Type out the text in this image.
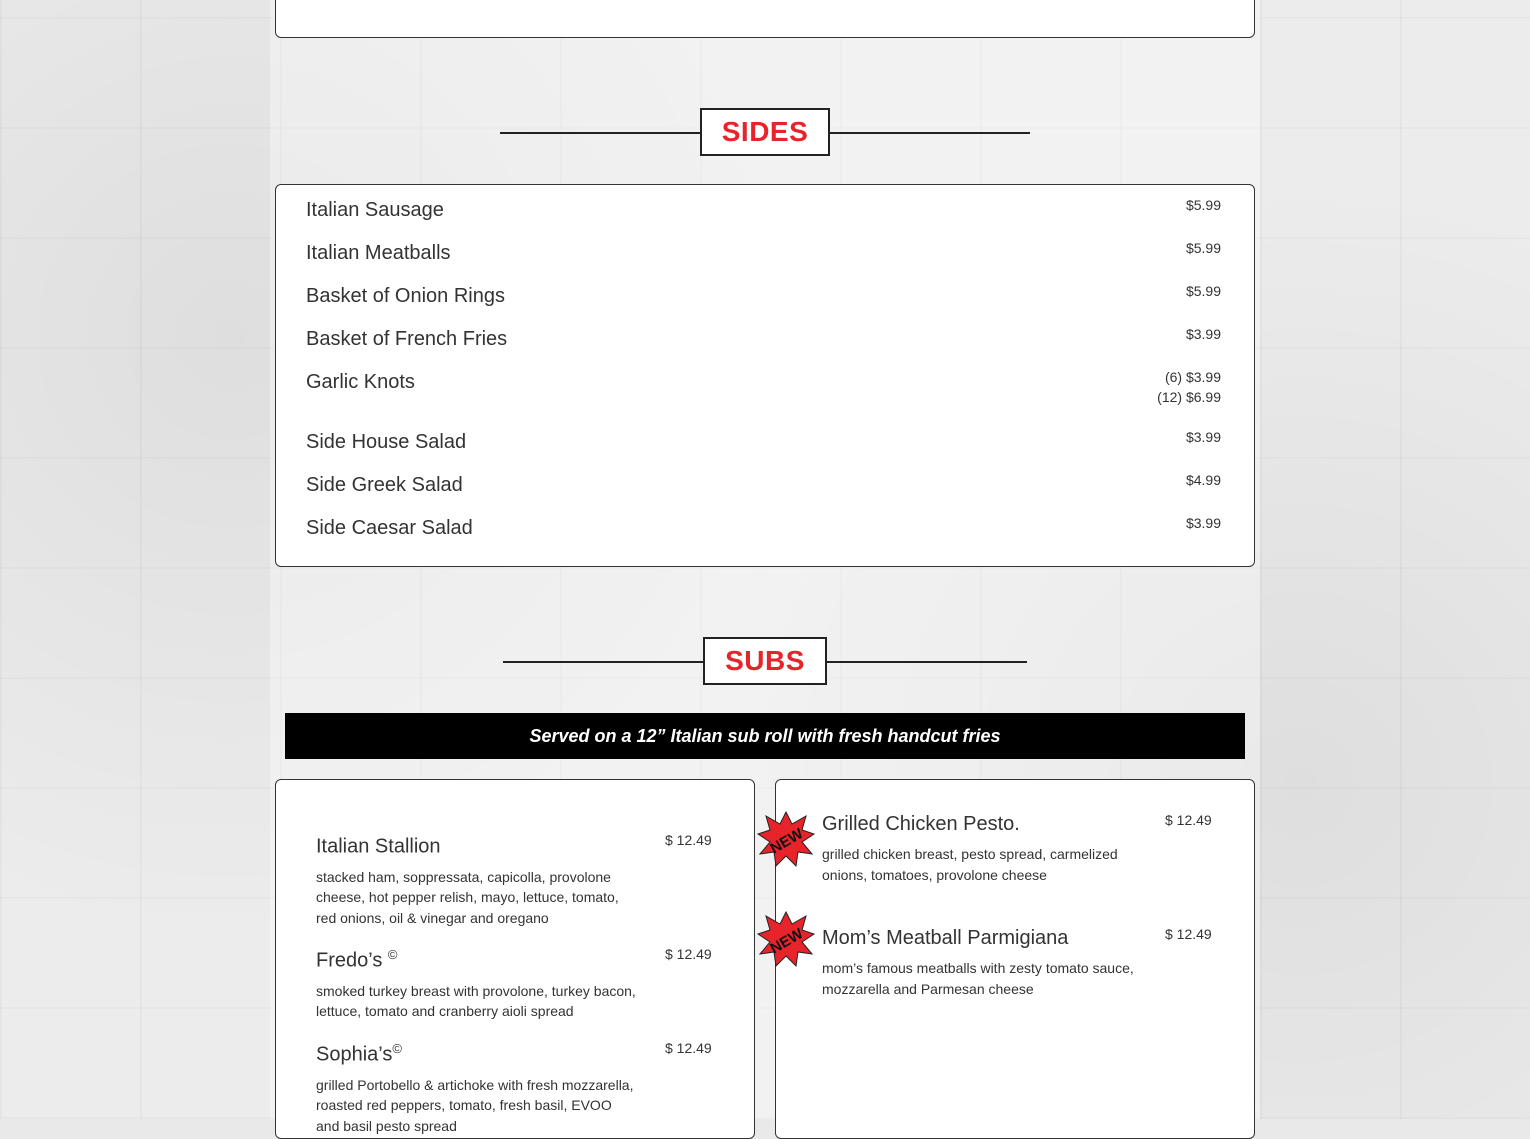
SIDES
Italian Sausage	$5.99
Italian Meatballs	$5.99
Basket of Onion Rings	$5.99
Basket of French Fries	$3.99
Garlic Knots	(6) $3.99
(12) $6.99
Side House Salad	$3.99
Side Greek Salad	$4.99
Side Caesar Salad	$3.99
SUBS
Served on a 12” Italian sub roll with fresh handcut fries
Italian Stallion
stacked ham, soppressata, capicolla, provolone cheese, hot pepper relish, mayo, lettuce, tomato, red onions, oil & vinegar and oregano
$ 12.49
Fredo’s ©
smoked turkey breast with provolone, turkey bacon, lettuce, tomato and cranberry aioli spread
$ 12.49
Sophia’s©
grilled Portobello & artichoke with fresh mozzarella, roasted red peppers, tomato, fresh basil, EVOO and basil pesto spread
$ 12.49
NEW
Grilled Chicken Pesto.
grilled chicken breast, pesto spread, carmelized onions, tomatoes, provolone cheese
$ 12.49
NEW Mom’s Meatball Parmigiana
mom’s famous meatballs with zesty tomato sauce, mozzarella and Parmesan cheese
$ 12.49
